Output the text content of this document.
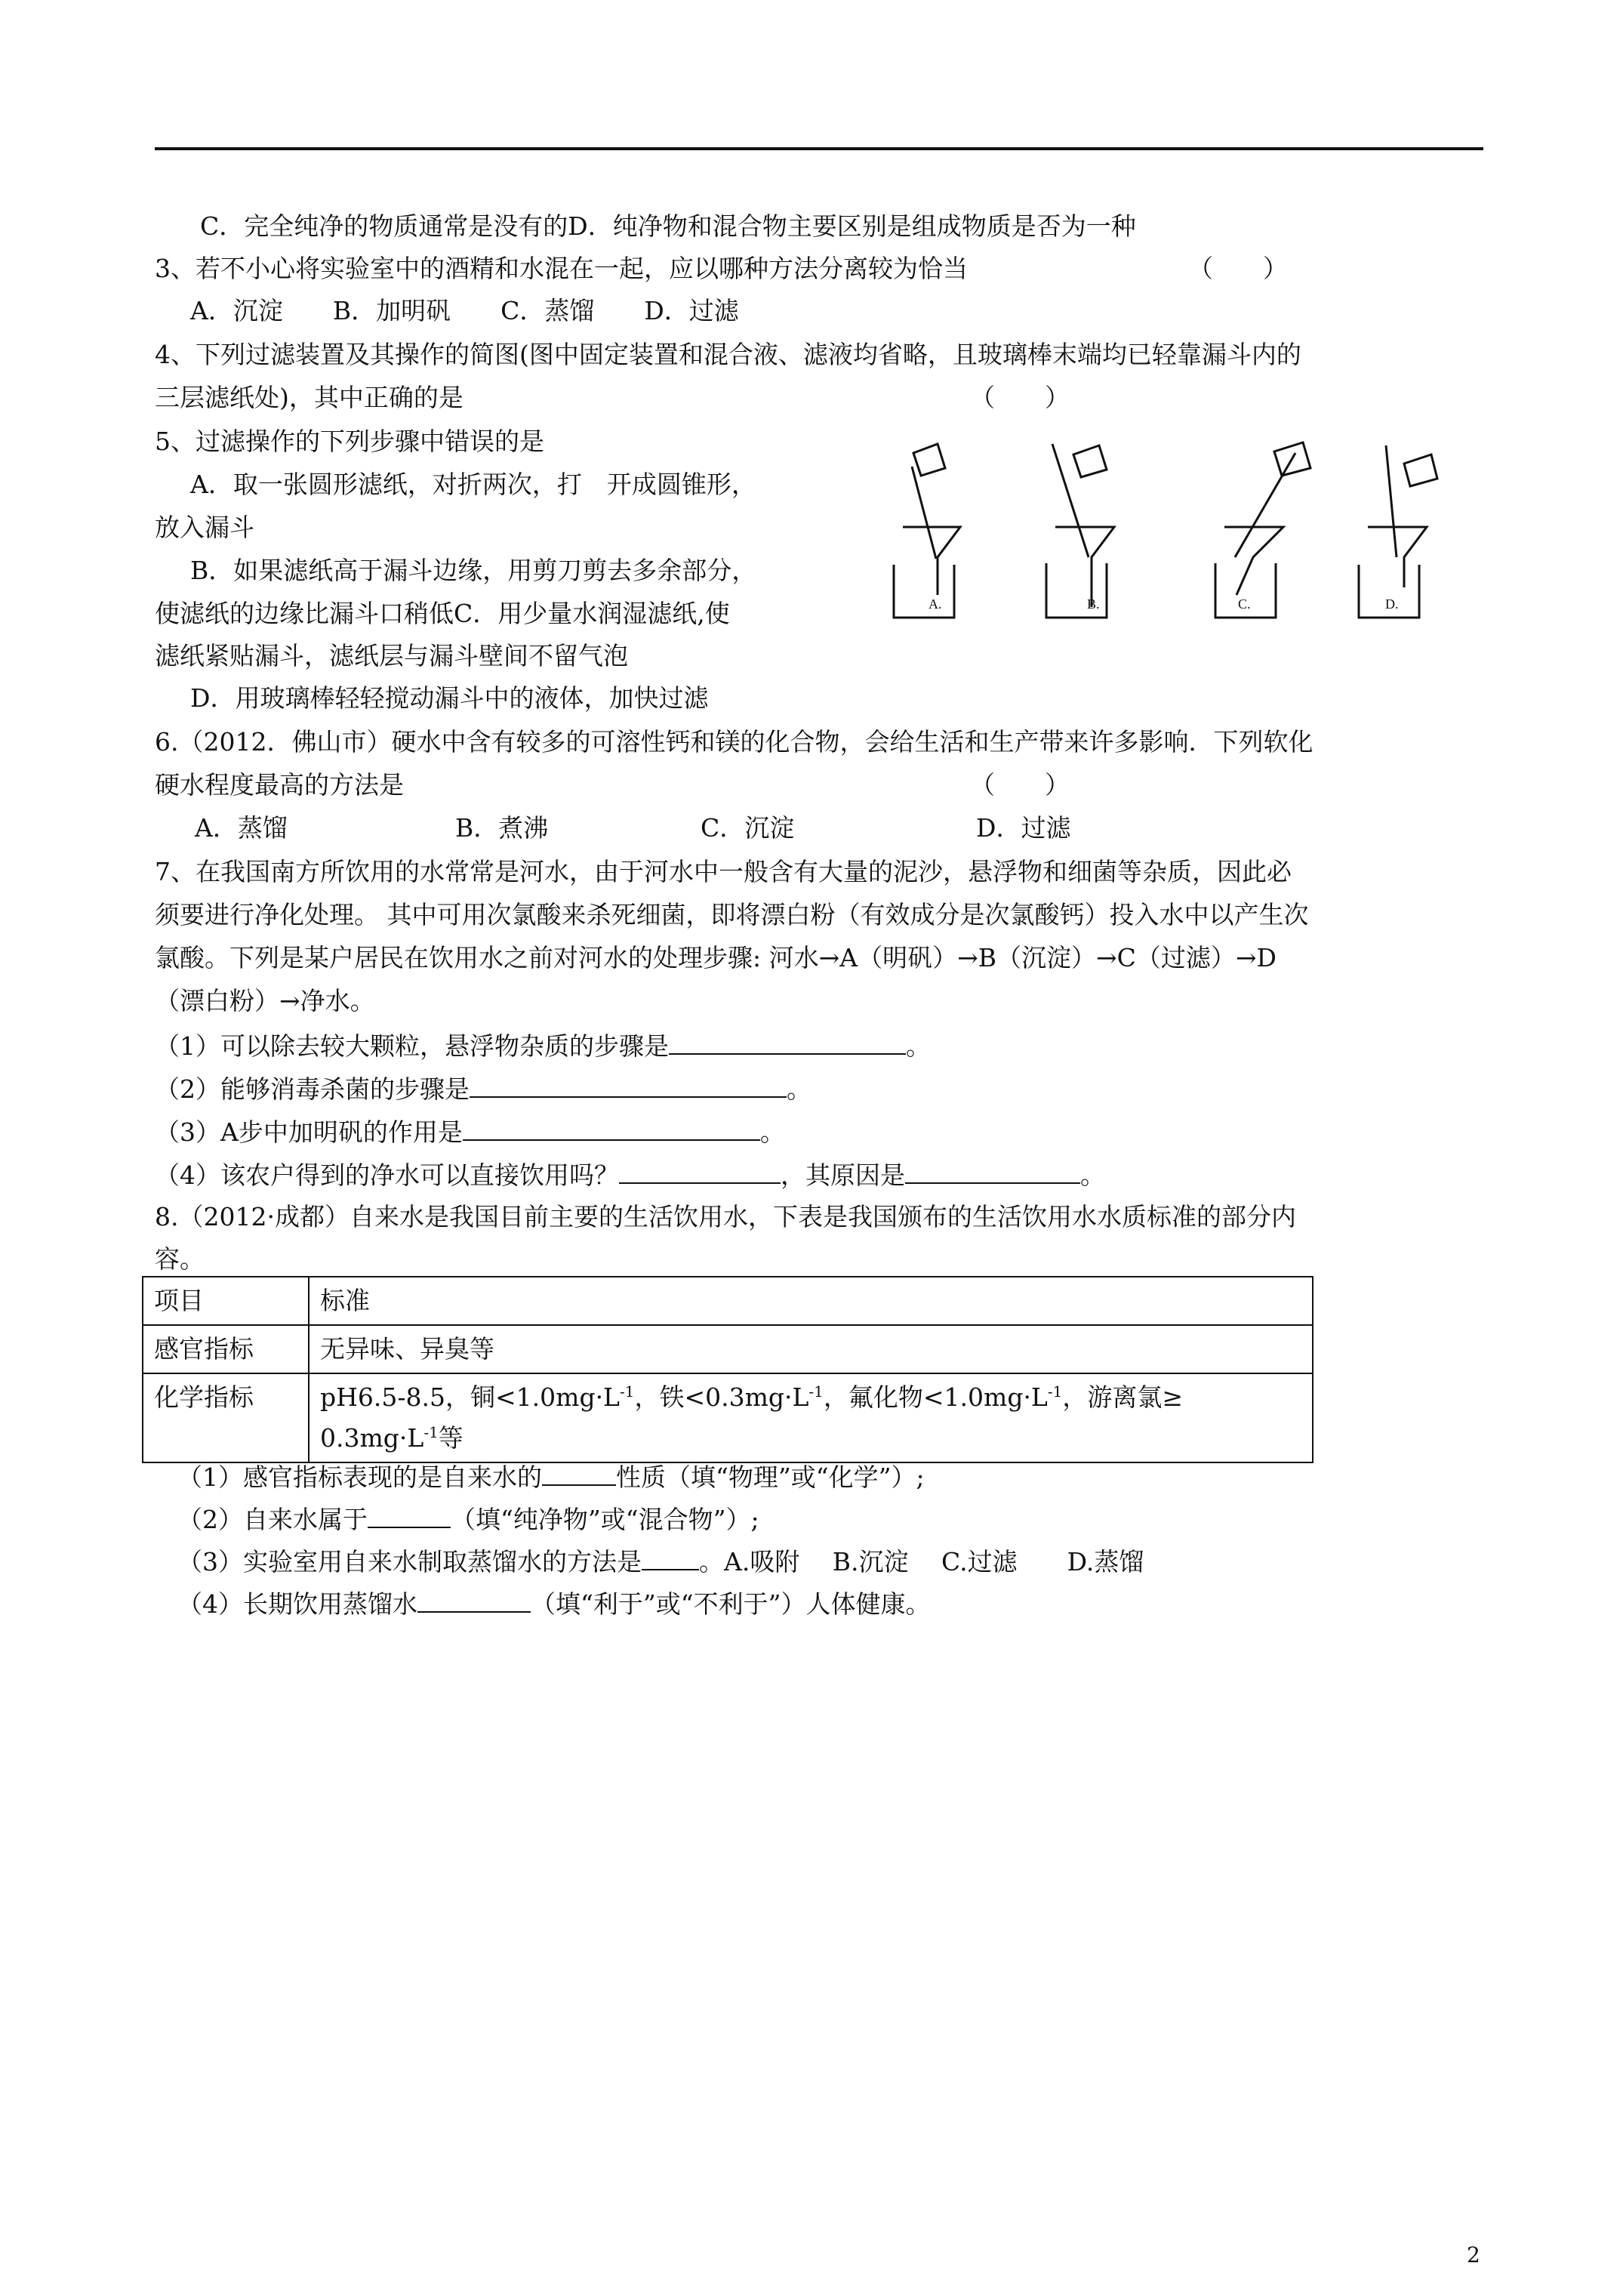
C．完全纯净的物质通常是没有的D．纯净物和混合物主要区别是组成物质是否为一种
3、若不小心将实验室中的酒精和水混在一起，应以哪种方法分离较为恰当	（　　）
A．沉淀　　B．加明矾　　C．蒸馏　　D．过滤
4、下列过滤装置及其操作的简图(图中固定装置和混合液、滤液均省略，且玻璃棒末端均已轻靠漏斗内的
三层滤纸处)，其中正确的是	（　　）
5、过滤操作的下列步骤中错误的是
A．取一张圆形滤纸，对折两次，打　开成圆锥形，
放入漏斗
B．如果滤纸高于漏斗边缘，用剪刀剪去多余部分，
使滤纸的边缘比漏斗口稍低C．用少量水润湿滤纸,使
滤纸紧贴漏斗，滤纸层与漏斗壁间不留气泡
D．用玻璃棒轻轻搅动漏斗中的液体，加快过滤
A.	B.	C.	D.
6.（2012．佛山市）硬水中含有较多的可溶性钙和镁的化合物，会给生活和生产带来许多影响．下列软化
硬水程度最高的方法是	（　　）
A．蒸馏	B．煮沸	C．沉淀	D．过滤
7、在我国南方所饮用的水常常是河水，由于河水中一般含有大量的泥沙，悬浮物和细菌等杂质，因此必
须要进行净化处理。 其中可用次氯酸来杀死细菌，即将漂白粉（有效成分是次氯酸钙）投入水中以产生次
氯酸。下列是某户居民在饮用水之前对河水的处理步骤: 河水→A（明矾）→B（沉淀）→C（过滤）→D
（漂白粉）→净水。
（1）可以除去较大颗粒，悬浮物杂质的步骤是	。
（2）能够消毒杀菌的步骤是	。
（3）A步中加明矾的作用是	。
（4）该农户得到的净水可以直接饮用吗？	，其原因是	。
8.（2012·成都）自来水是我国目前主要的生活饮用水，下表是我国颁布的生活饮用水水质标准的部分内
容。
项目	标准
感官指标	无异味、异臭等
化学指标	pH6.5-8.5，铜$<1.0mg\cdot L^{-1}$，铁$<0.3mg\cdot L^{-1}$，氟化物$<1.0mg\cdot L^{-1}$，游离氯≥
$0.3mg\cdot L^{-1}$等
（1）感官指标表现的是自来水的	性质（填“物理”或“化学”）;
（2）自来水属于	（填“纯净物”或“混合物”）;
（3）实验室用自来水制取蒸馏水的方法是 。A.吸附　 B.沉淀　 C.过滤　　D.蒸馏
（4）长期饮用蒸馏水	（填“利于”或“不利于”）人体健康。
2
